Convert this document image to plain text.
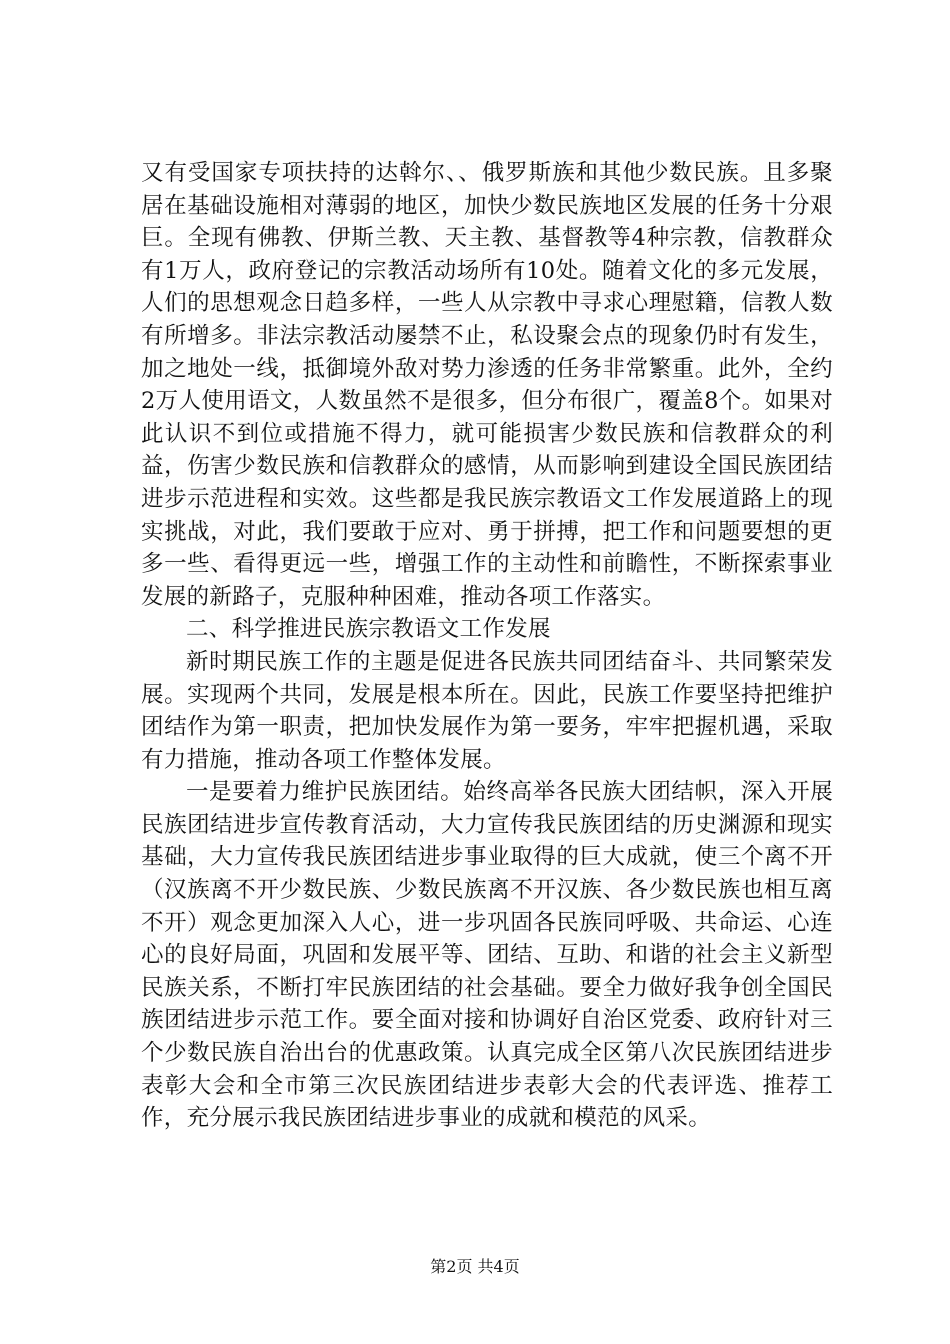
又有受国家专项扶持的达斡尔、、俄罗斯族和其他少数民族。且多聚居在基础设施相对薄弱的地区，加快少数民族地区发展的任务十分艰巨。全现有佛教、伊斯兰教、天主教、基督教等4种宗教，信教群众有1万人，政府登记的宗教活动场所有10处。随着文化的多元发展，人们的思想观念日趋多样，一些人从宗教中寻求心理慰籍，信教人数有所增多。非法宗教活动屡禁不止，私设聚会点的现象仍时有发生，加之地处一线，抵御境外敌对势力渗透的任务非常繁重。此外，全约2万人使用语文，人数虽然不是很多，但分布很广，覆盖8个。如果对此认识不到位或措施不得力，就可能损害少数民族和信教群众的利益，伤害少数民族和信教群众的感情，从而影响到建设全国民族团结进步示范进程和实效。这些都是我民族宗教语文工作发展道路上的现实挑战，对此，我们要敢于应对、勇于拼搏，把工作和问题要想的更多一些、看得更远一些，增强工作的主动性和前瞻性，不断探索事业发展的新路子，克服种种困难，推动各项工作落实。

二、科学推进民族宗教语文工作发展

新时期民族工作的主题是促进各民族共同团结奋斗、共同繁荣发展。实现两个共同，发展是根本所在。因此，民族工作要坚持把维护团结作为第一职责，把加快发展作为第一要务，牢牢把握机遇，采取有力措施，推动各项工作整体发展。

一是要着力维护民族团结。始终高举各民族大团结帜，深入开展民族团结进步宣传教育活动，大力宣传我民族团结的历史渊源和现实基础，大力宣传我民族团结进步事业取得的巨大成就，使三个离不开（汉族离不开少数民族、少数民族离不开汉族、各少数民族也相互离不开）观念更加深入人心，进一步巩固各民族同呼吸、共命运、心连心的良好局面，巩固和发展平等、团结、互助、和谐的社会主义新型民族关系，不断打牢民族团结的社会基础。要全力做好我争创全国民族团结进步示范工作。要全面对接和协调好自治区党委、政府针对三个少数民族自治出台的优惠政策。认真完成全区第八次民族团结进步表彰大会和全市第三次民族团结进步表彰大会的代表评选、推荐工作，充分展示我民族团结进步事业的成就和模范的风采。

第2页 共4页
